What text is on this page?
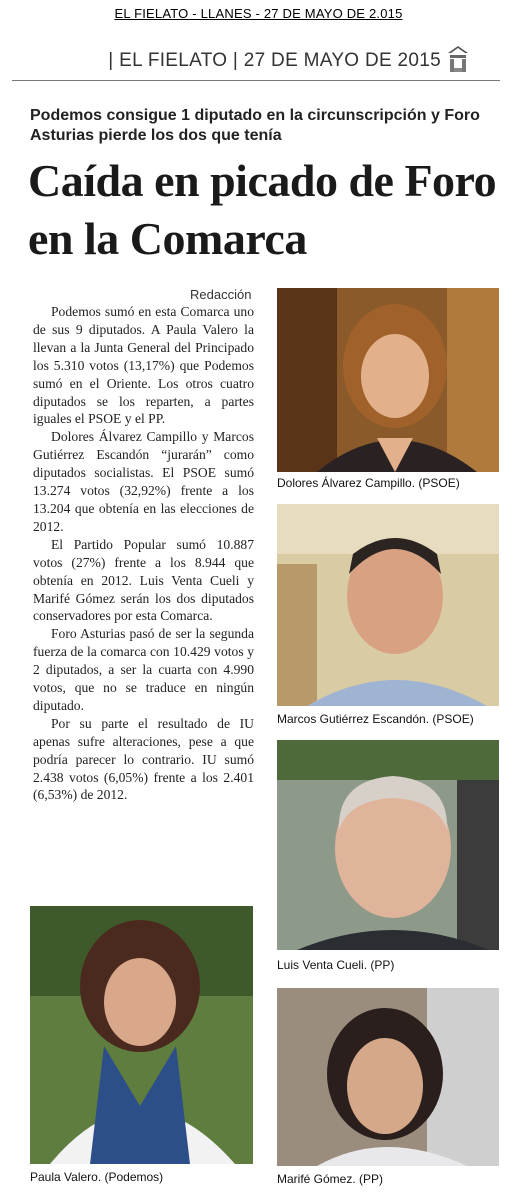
EL FIELATO - LLANES - 27 DE MAYO DE 2.015
| EL FIELATO | 27 DE MAYO DE 2015
Podemos consigue 1 diputado en la circunscripción y Foro Asturias pierde los dos que tenía
Caída en picado de Foro en la Comarca
Redacción

Podemos sumó en esta Comarca uno de sus 9 diputados. A Paula Valero la llevan a la Junta General del Principado los 5.310 votos (13,17%) que Podemos sumó en el Oriente. Los otros cuatro diputados se los reparten, a partes iguales el PSOE y el PP.

Dolores Álvarez Campillo y Marcos Gutiérrez Escandón “jurarán” como diputados socialistas. El PSOE sumó 13.274 votos (32,92%) frente a los 13.204 que obtenía en las elecciones de 2012.

El Partido Popular sumó 10.887 votos (27%) frente a los 8.944 que obtenía en 2012. Luis Venta Cueli y Marifé Gómez serán los dos diputados conservadores por esta Comarca.

Foro Asturias pasó de ser la segunda fuerza de la comarca con 10.429 votos y 2 diputados, a ser la cuarta con 4.990 votos, que no se traduce en ningún diputado.

Por su parte el resultado de IU apenas sufre alteraciones, pese a que podría parecer lo contrario. IU sumó 2.438 votos (6,05%) frente a los 2.401 (6,53%) de 2012.

Dolores Álvarez Campillo. (PSOE)
Marcos Gutiérrez Escandón. (PSOE)
Luis Venta Cueli. (PP)
Marifé Gómez. (PP)
Paula Valero. (Podemos)
